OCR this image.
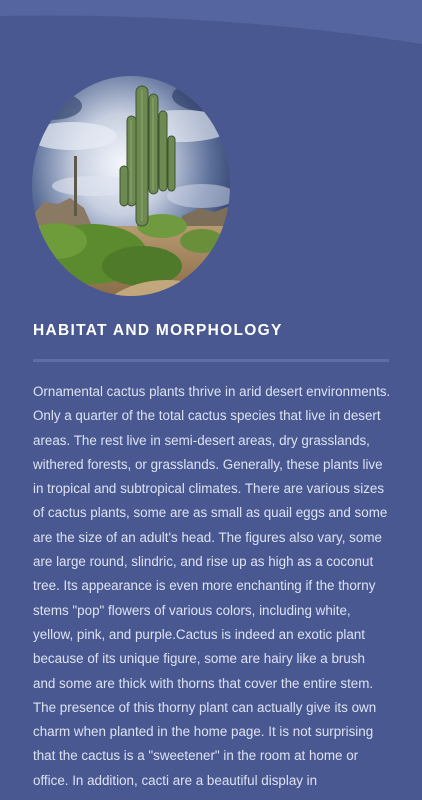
HABITAT AND MORPHOLOGY

Ornamental cactus plants thrive in arid desert environments. Only a quarter of the total cactus species that live in desert areas. The rest live in semi-desert areas, dry grasslands, withered forests, or grasslands. Generally, these plants live in tropical and subtropical climates. There are various sizes of cactus plants, some are as small as quail eggs and some are the size of an adult's head. The figures also vary, some are large round, slindric, and rise up as high as a coconut tree. Its appearance is even more enchanting if the thorny stems "pop" flowers of various colors, including white, yellow, pink, and purple.Cactus is indeed an exotic plant because of its unique figure, some are hairy like a brush and some are thick with thorns that cover the entire stem. The presence of this thorny plant can actually give its own charm when planted in the home page. It is not surprising that the cactus is a "sweetener" in the room at home or office. In addition, cacti are a beautiful display in
